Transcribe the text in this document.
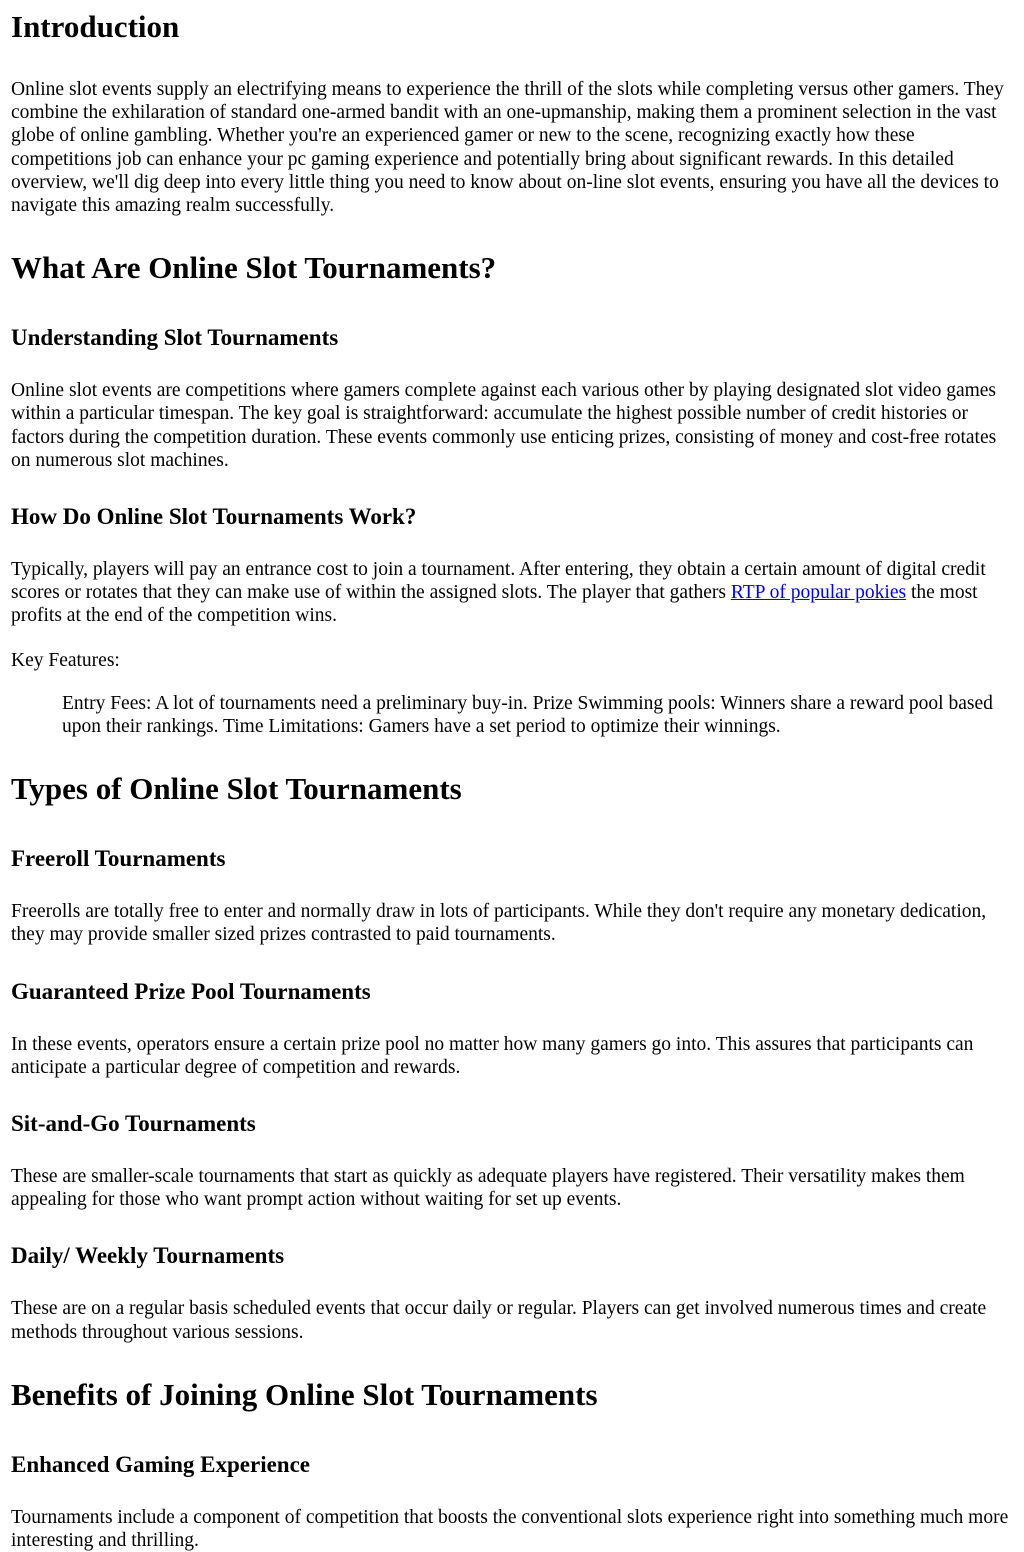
Introduction

Online slot events supply an electrifying means to experience the thrill of the slots while completing versus other gamers. They combine the exhilaration of standard one-armed bandit with an one-upmanship, making them a prominent selection in the vast globe of online gambling. Whether you're an experienced gamer or new to the scene, recognizing exactly how these competitions job can enhance your pc gaming experience and potentially bring about significant rewards. In this detailed overview, we'll dig deep into every little thing you need to know about on-line slot events, ensuring you have all the devices to navigate this amazing realm successfully.

What Are Online Slot Tournaments?
Understanding Slot Tournaments

Online slot events are competitions where gamers complete against each various other by playing designated slot video games within a particular timespan. The key goal is straightforward: accumulate the highest possible number of credit histories or factors during the competition duration. These events commonly use enticing prizes, consisting of money and cost-free rotates on numerous slot machines.

How Do Online Slot Tournaments Work?

Typically, players will pay an entrance cost to join a tournament. After entering, they obtain a certain amount of digital credit scores or rotates that they can make use of within the assigned slots. The player that gathers RTP of popular pokies the most profits at the end of the competition wins.

Key Features:

Entry Fees: A lot of tournaments need a preliminary buy-in. Prize Swimming pools: Winners share a reward pool based upon their rankings. Time Limitations: Gamers have a set period to optimize their winnings.
Types of Online Slot Tournaments
Freeroll Tournaments

Freerolls are totally free to enter and normally draw in lots of participants. While they don't require any monetary dedication, they may provide smaller sized prizes contrasted to paid tournaments.

Guaranteed Prize Pool Tournaments

In these events, operators ensure a certain prize pool no matter how many gamers go into. This assures that participants can anticipate a particular degree of competition and rewards.

Sit-and-Go Tournaments

These are smaller-scale tournaments that start as quickly as adequate players have registered. Their versatility makes them appealing for those who want prompt action without waiting for set up events.

Daily/ Weekly Tournaments

These are on a regular basis scheduled events that occur daily or regular. Players can get involved numerous times and create methods throughout various sessions.

Benefits of Joining Online Slot Tournaments
Enhanced Gaming Experience

Tournaments include a component of competition that boosts the conventional slots experience right into something much more interesting and thrilling.
